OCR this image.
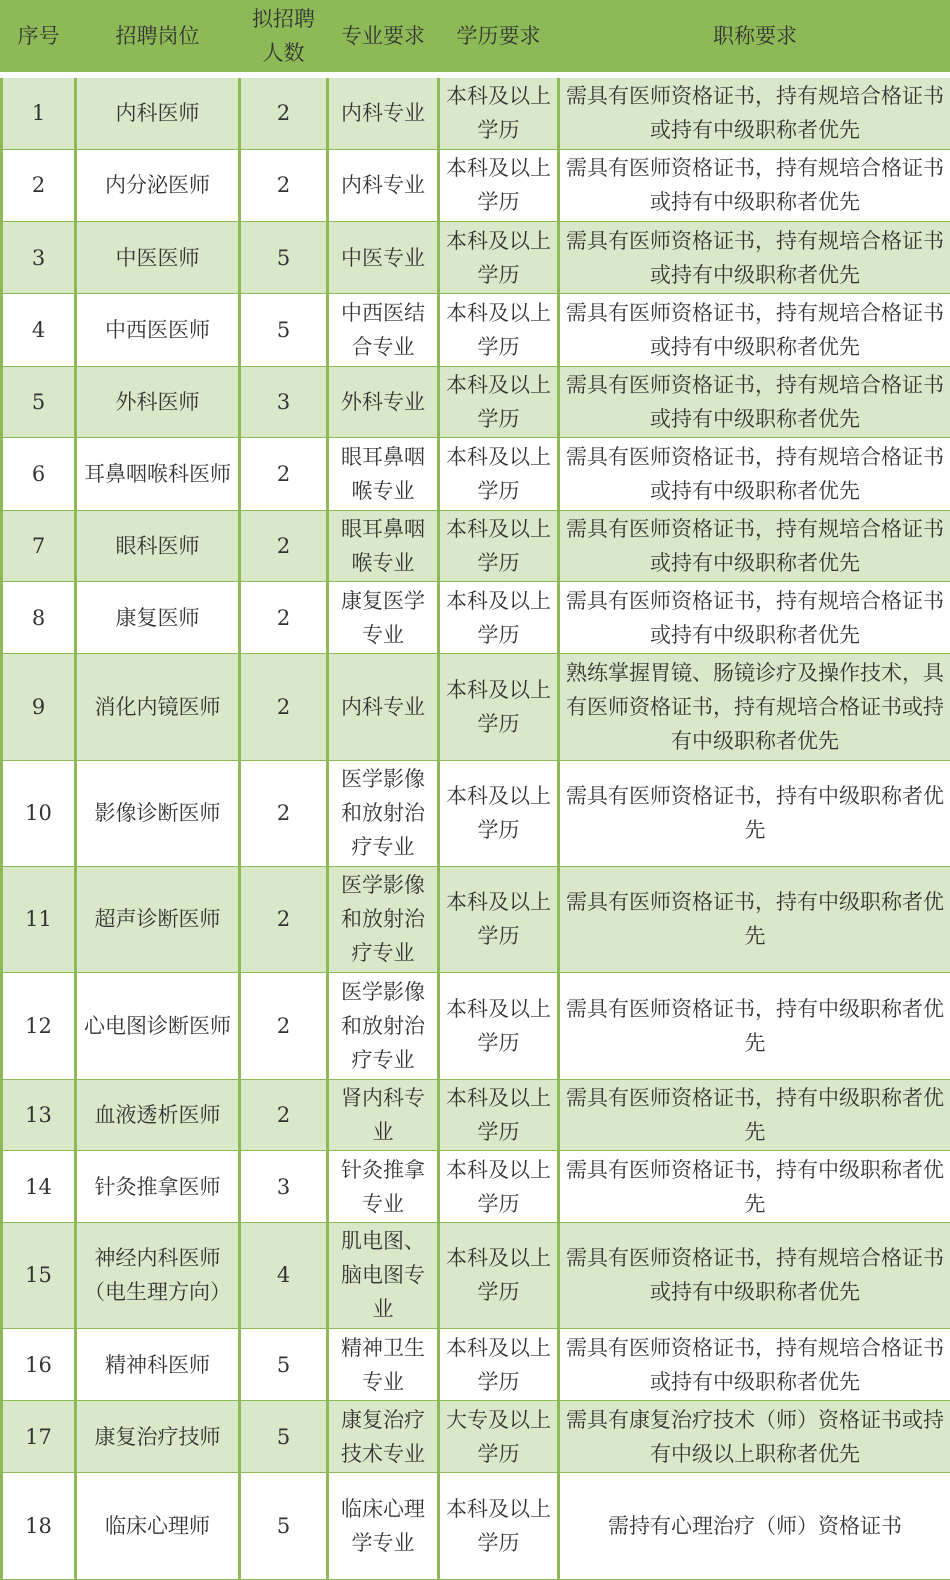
序号	招聘岗位	拟招聘人数	专业要求	学历要求	职称要求
1	内科医师	2	内科专业	本科及以上学历	需具有医师资格证书，持有规培合格证书或持有中级职称者优先
2	内分泌医师	2	内科专业	本科及以上学历	需具有医师资格证书，持有规培合格证书或持有中级职称者优先
3	中医医师	5	中医专业	本科及以上学历	需具有医师资格证书，持有规培合格证书或持有中级职称者优先
4	中西医医师	5	中西医结合专业	本科及以上学历	需具有医师资格证书，持有规培合格证书或持有中级职称者优先
5	外科医师	3	外科专业	本科及以上学历	需具有医师资格证书，持有规培合格证书或持有中级职称者优先
6	耳鼻咽喉科医师	2	眼耳鼻咽喉专业	本科及以上学历	需具有医师资格证书，持有规培合格证书或持有中级职称者优先
7	眼科医师	2	眼耳鼻咽喉专业	本科及以上学历	需具有医师资格证书，持有规培合格证书或持有中级职称者优先
8	康复医师	2	康复医学专业	本科及以上学历	需具有医师资格证书，持有规培合格证书或持有中级职称者优先
9	消化内镜医师	2	内科专业	本科及以上学历	熟练掌握胃镜、肠镜诊疗及操作技术，具有医师资格证书，持有规培合格证书或持有中级职称者优先
10	影像诊断医师	2	医学影像和放射治疗专业	本科及以上学历	需具有医师资格证书，持有中级职称者优先
11	超声诊断医师	2	医学影像和放射治疗专业	本科及以上学历	需具有医师资格证书，持有中级职称者优先
12	心电图诊断医师	2	医学影像和放射治疗专业	本科及以上学历	需具有医师资格证书，持有中级职称者优先
13	血液透析医师	2	肾内科专业	本科及以上学历	需具有医师资格证书，持有中级职称者优先
14	针灸推拿医师	3	针灸推拿专业	本科及以上学历	需具有医师资格证书，持有中级职称者优先
15	神经内科医师（电生理方向）	4	肌电图、脑电图专业	本科及以上学历	需具有医师资格证书，持有规培合格证书或持有中级职称者优先
16	精神科医师	5	精神卫生专业	本科及以上学历	需具有医师资格证书，持有规培合格证书或持有中级职称者优先
17	康复治疗技师	5	康复治疗技术专业	大专及以上学历	需具有康复治疗技术（师）资格证书或持有中级以上职称者优先
18	临床心理师	5	临床心理学专业	本科及以上学历	需持有心理治疗（师）资格证书
